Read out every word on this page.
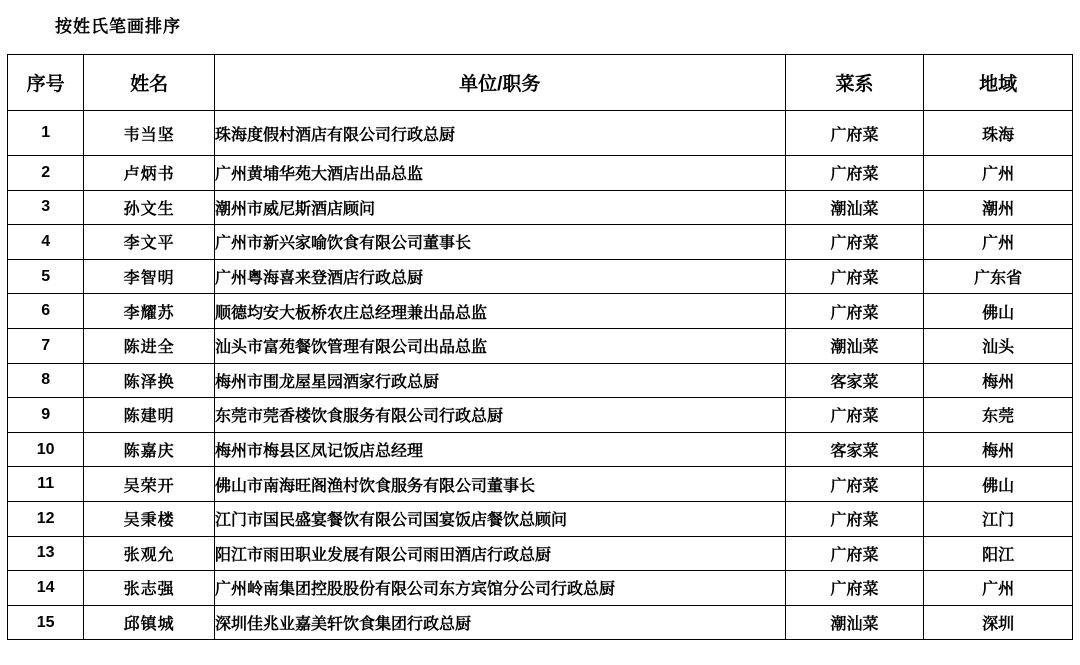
按姓氏笔画排序
序号	姓名	单位/职务	菜系	地域
1	韦当坚	珠海度假村酒店有限公司行政总厨	广府菜	珠海
2	卢炳书	广州黄埔华苑大酒店出品总监	广府菜	广州
3	孙文生	潮州市威尼斯酒店顾问	潮汕菜	潮州
4	李文平	广州市新兴家喻饮食有限公司董事长	广府菜	广州
5	李智明	广州粤海喜来登酒店行政总厨	广府菜	广东省
6	李耀苏	顺德均安大板桥农庄总经理兼出品总监	广府菜	佛山
7	陈进全	汕头市富苑餐饮管理有限公司出品总监	潮汕菜	汕头
8	陈泽换	梅州市围龙屋星园酒家行政总厨	客家菜	梅州
9	陈建明	东莞市莞香楼饮食服务有限公司行政总厨	广府菜	东莞
10	陈嘉庆	梅州市梅县区凤记饭店总经理	客家菜	梅州
11	吴荣开	佛山市南海旺阁渔村饮食服务有限公司董事长	广府菜	佛山
12	吴秉楼	江门市国民盛宴餐饮有限公司国宴饭店餐饮总顾问	广府菜	江门
13	张观允	阳江市雨田职业发展有限公司雨田酒店行政总厨	广府菜	阳江
14	张志强	广州岭南集团控股股份有限公司东方宾馆分公司行政总厨	广府菜	广州
15	邱镇城	深圳佳兆业嘉美轩饮食集团行政总厨	潮汕菜	深圳
